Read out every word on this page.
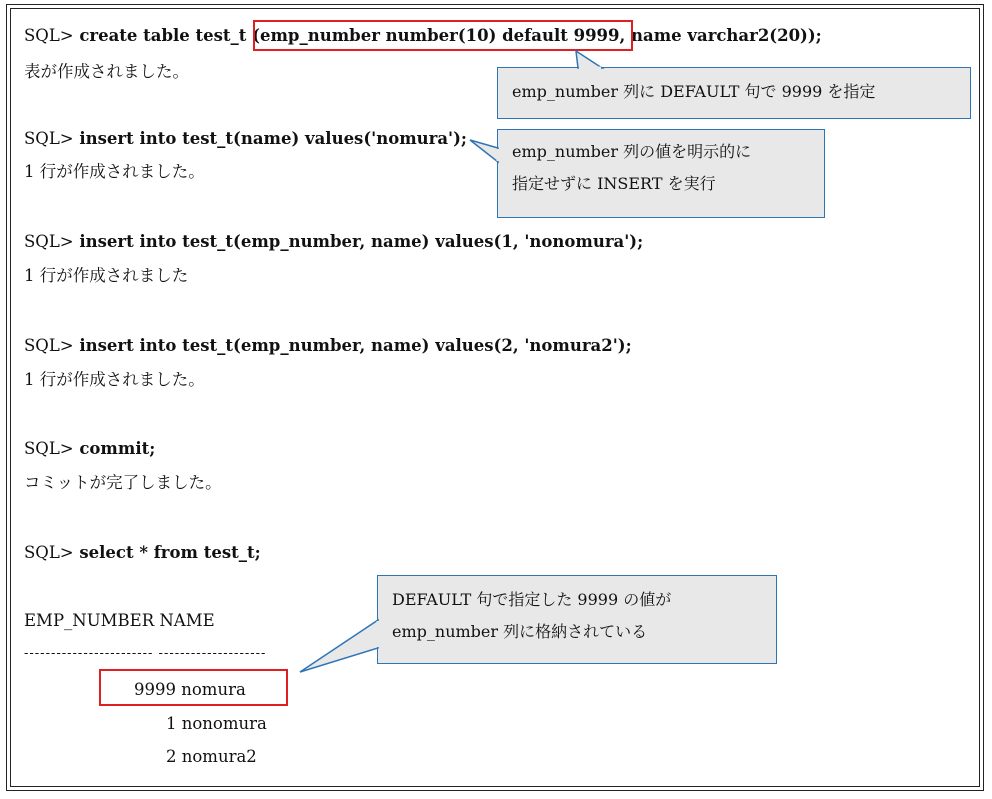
SQL> create table test_t (emp_number number(10) default 9999, name varchar2(20));
表が作成されました。
SQL> insert into test_t(name) values('nomura');
1 行が作成されました。
SQL> insert into test_t(emp_number, name) values(1, 'nonomura');
1 行が作成されました
SQL> insert into test_t(emp_number, name) values(2, 'nomura2');
1 行が作成されました。
SQL> commit;
コミットが完了しました。
SQL> select * from test_t;
EMP_NUMBER NAME
------------------------ --------------------
9999 nomura
1 nonomura
2 nomura2
emp_number 列に DEFAULT 句で 9999 を指定
emp_number 列の値を明示的に
指定せずに INSERT を実行
DEFAULT 句で指定した 9999 の値が
emp_number 列に格納されている
